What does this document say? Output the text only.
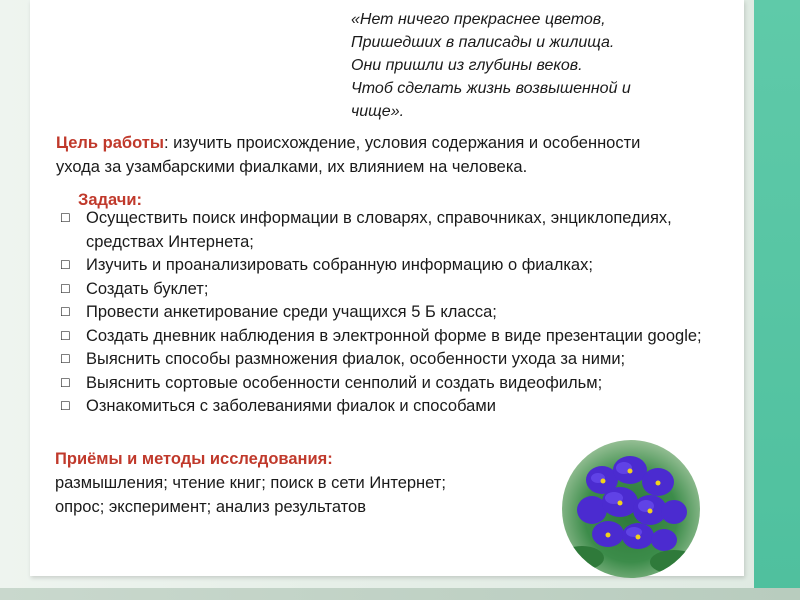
«Нет ничего прекраснее цветов,
Пришедших в палисады и жилища.
Они пришли из глубины веков.
Чтоб сделать жизнь возвышенной и
чище».
Цель работы: изучить происхождение, условия содержания и особенности ухода за узамбарскими фиалками, их влиянием на человека.
Задачи:
☐ Осуществить поиск информации в словарях, справочниках, энциклопедиях, средствах Интернета;
☐ Изучить и проанализировать собранную информацию о фиалках;
☐ Создать буклет;
☐ Провести анкетирование среди учащихся 5 Б класса;
☐ Создать дневник наблюдения в электронной форме в виде презентации google;
☐ Выяснить способы размножения фиалок, особенности ухода за ними;
☐ Выяснить сортовые особенности сенполий и создать видеофильм;
☐ Ознакомиться с заболеваниями фиалок и способами
Приёмы и методы исследования:
размышления; чтение книг; поиск в сети Интернет; опрос; эксперимент; анализ результатов
